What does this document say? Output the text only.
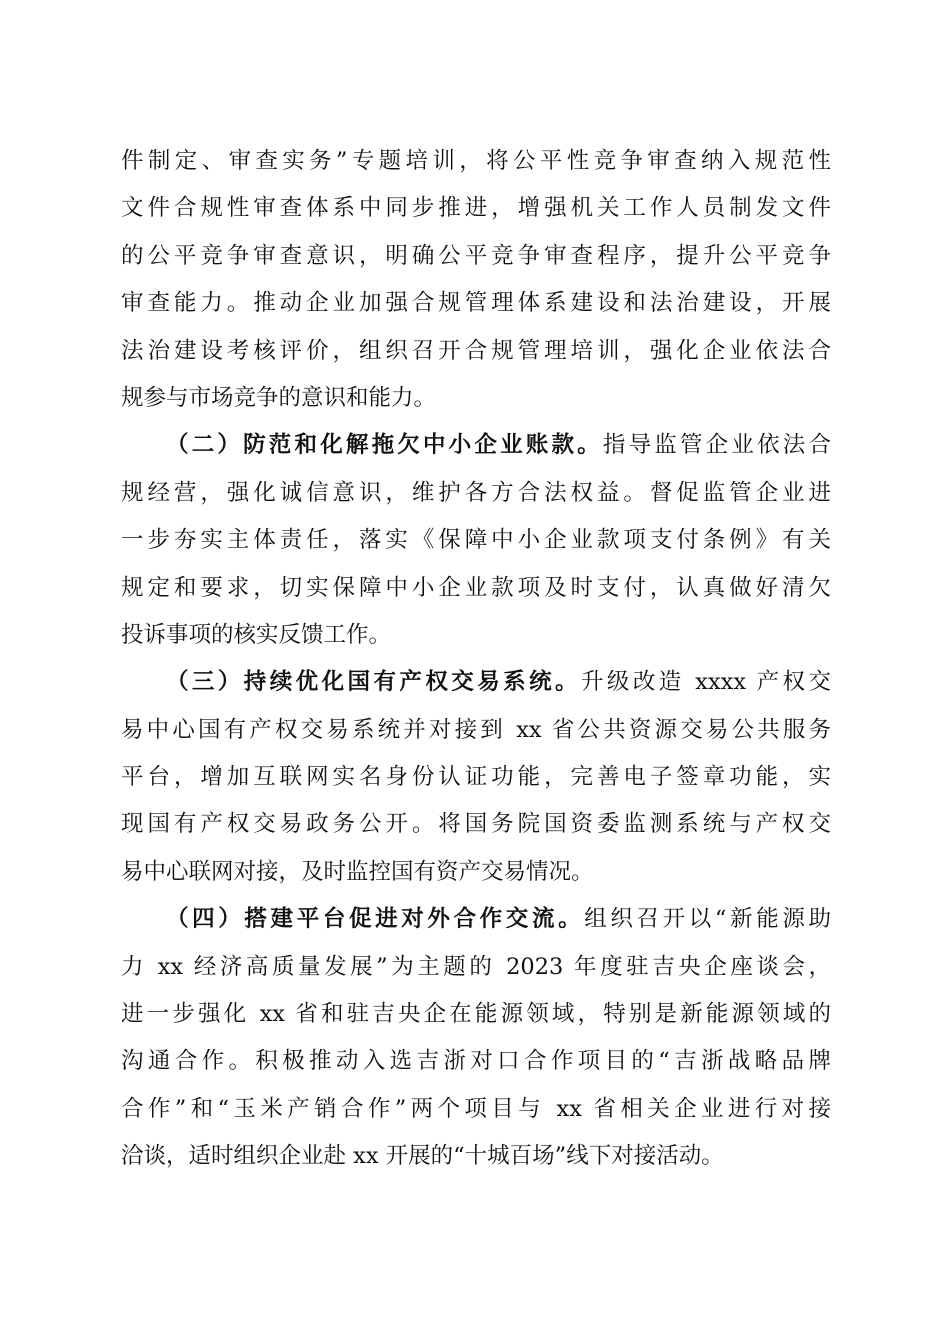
件制定、审查实务”专题培训，将公平性竞争审查纳入规范性
文件合规性审查体系中同步推进，增强机关工作人员制发文件
的公平竞争审查意识，明确公平竞争审查程序，提升公平竞争
审查能力。推动企业加强合规管理体系建设和法治建设，开展
法治建设考核评价，组织召开合规管理培训，强化企业依法合
规参与市场竞争的意识和能力。
（二）防范和化解拖欠中小企业账款。指导监管企业依法合
规经营，强化诚信意识，维护各方合法权益。督促监管企业进
一步夯实主体责任，落实《保障中小企业款项支付条例》有关
规定和要求，切实保障中小企业款项及时支付，认真做好清欠
投诉事项的核实反馈工作。
（三）持续优化国有产权交易系统。升级改造 xxxx 产权交
易中心国有产权交易系统并对接到 xx 省公共资源交易公共服务
平台，增加互联网实名身份认证功能，完善电子签章功能，实
现国有产权交易政务公开。将国务院国资委监测系统与产权交
易中心联网对接，及时监控国有资产交易情况。
（四）搭建平台促进对外合作交流。组织召开以“新能源助
力 xx 经济高质量发展”为主题的 2023 年度驻吉央企座谈会，
进一步强化 xx 省和驻吉央企在能源领域，特别是新能源领域的
沟通合作。积极推动入选吉浙对口合作项目的“吉浙战略品牌
合作”和“玉米产销合作”两个项目与 xx 省相关企业进行对接
洽谈，适时组织企业赴 xx 开展的“十城百场”线下对接活动。
